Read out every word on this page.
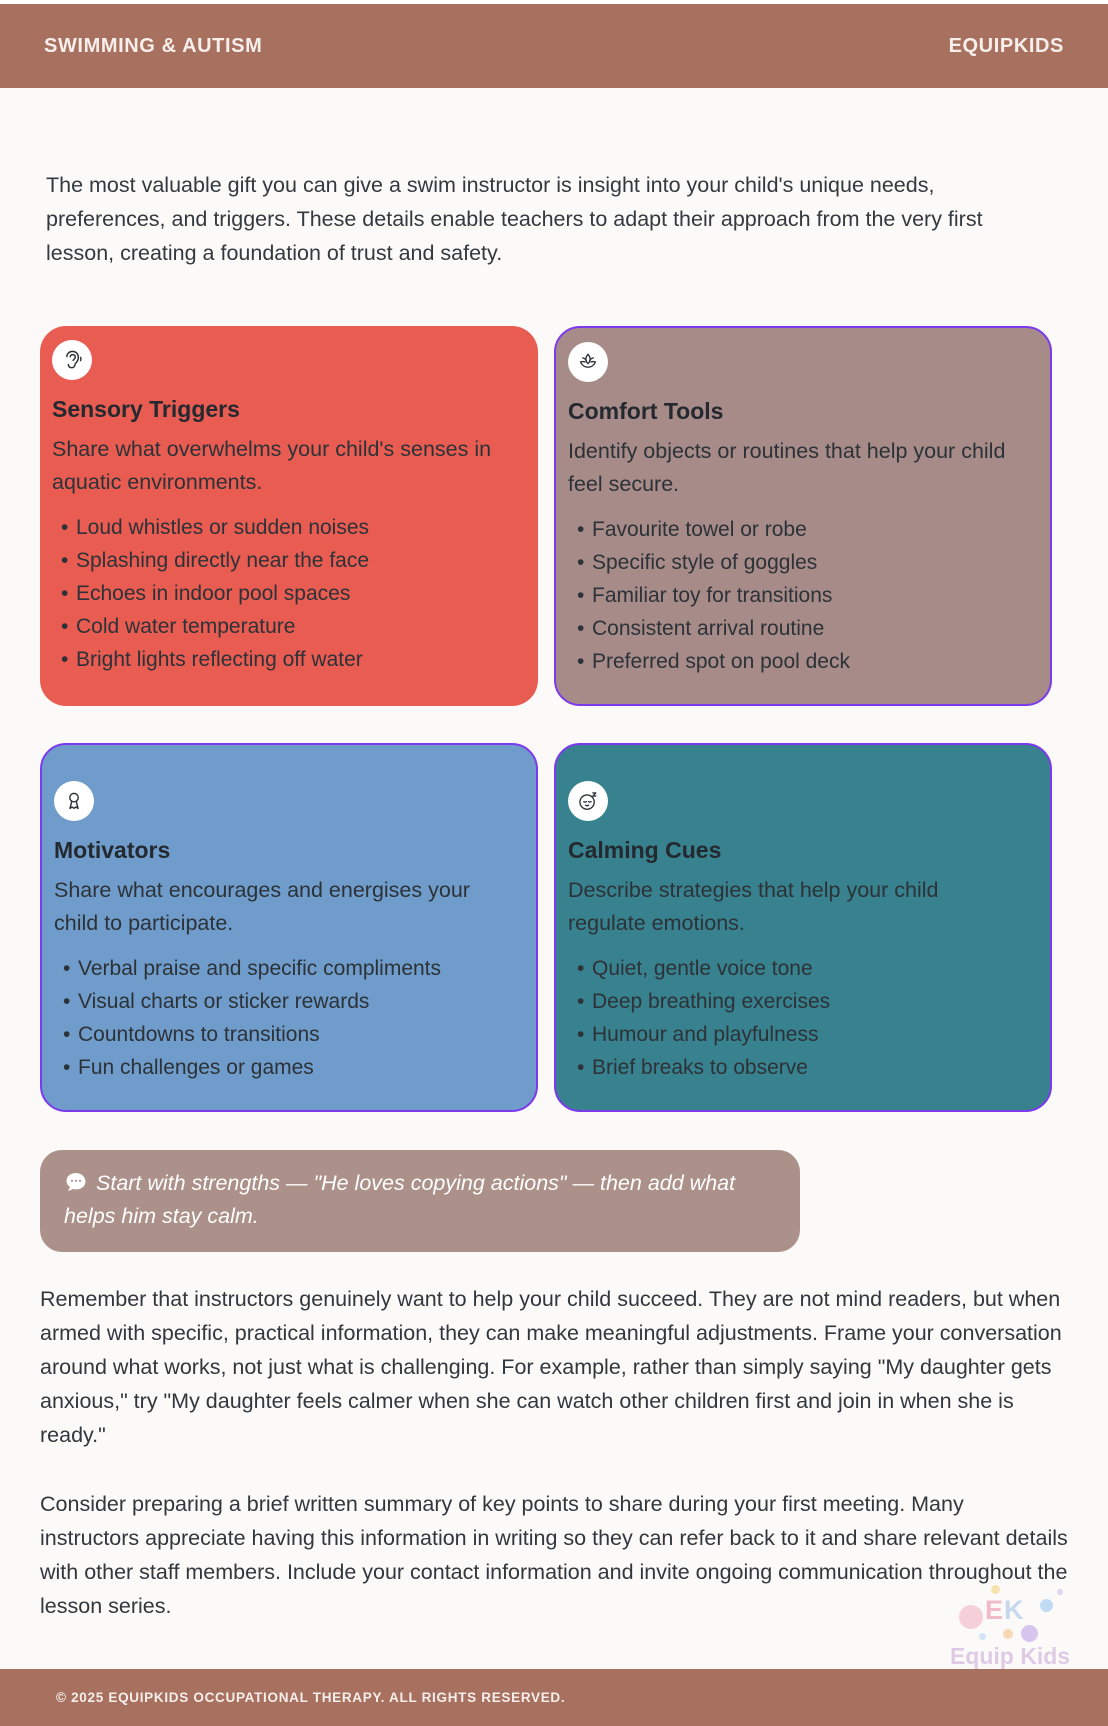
SWIMMING & AUTISM	EQUIPKIDS

The most valuable gift you can give a swim instructor is insight into your child's unique needs, preferences, and triggers. These details enable teachers to adapt their approach from the very first lesson, creating a foundation of trust and safety.

Sensory Triggers

Share what overwhelms your child's senses in aquatic environments.

• Loud whistles or sudden noises
• Splashing directly near the face
• Echoes in indoor pool spaces
• Cold water temperature
• Bright lights reflecting off water
Comfort Tools

Identify objects or routines that help your child feel secure.

• Favourite towel or robe
• Specific style of goggles
• Familiar toy for transitions
• Consistent arrival routine
• Preferred spot on pool deck
Motivators

Share what encourages and energises your child to participate.

• Verbal praise and specific compliments
• Visual charts or sticker rewards
• Countdowns to transitions
• Fun challenges or games
Calming Cues

Describe strategies that help your child regulate emotions.

• Quiet, gentle voice tone
• Deep breathing exercises
• Humour and playfulness
• Brief breaks to observe
Start with strengths — "He loves copying actions" — then add what helps him stay calm.

Remember that instructors genuinely want to help your child succeed. They are not mind readers, but when armed with specific, practical information, they can make meaningful adjustments. Frame your conversation around what works, not just what is challenging. For example, rather than simply saying "My daughter gets anxious," try "My daughter feels calmer when she can watch other children first and join in when she is ready."

Consider preparing a brief written summary of key points to share during your first meeting. Many instructors appreciate having this information in writing so they can refer back to it and share relevant details with other staff members. Include your contact information and invite ongoing communication throughout the lesson series.	EK
Equip Kids
© 2025 EQUIPKIDS OCCUPATIONAL THERAPY. ALL RIGHTS RESERVED.
